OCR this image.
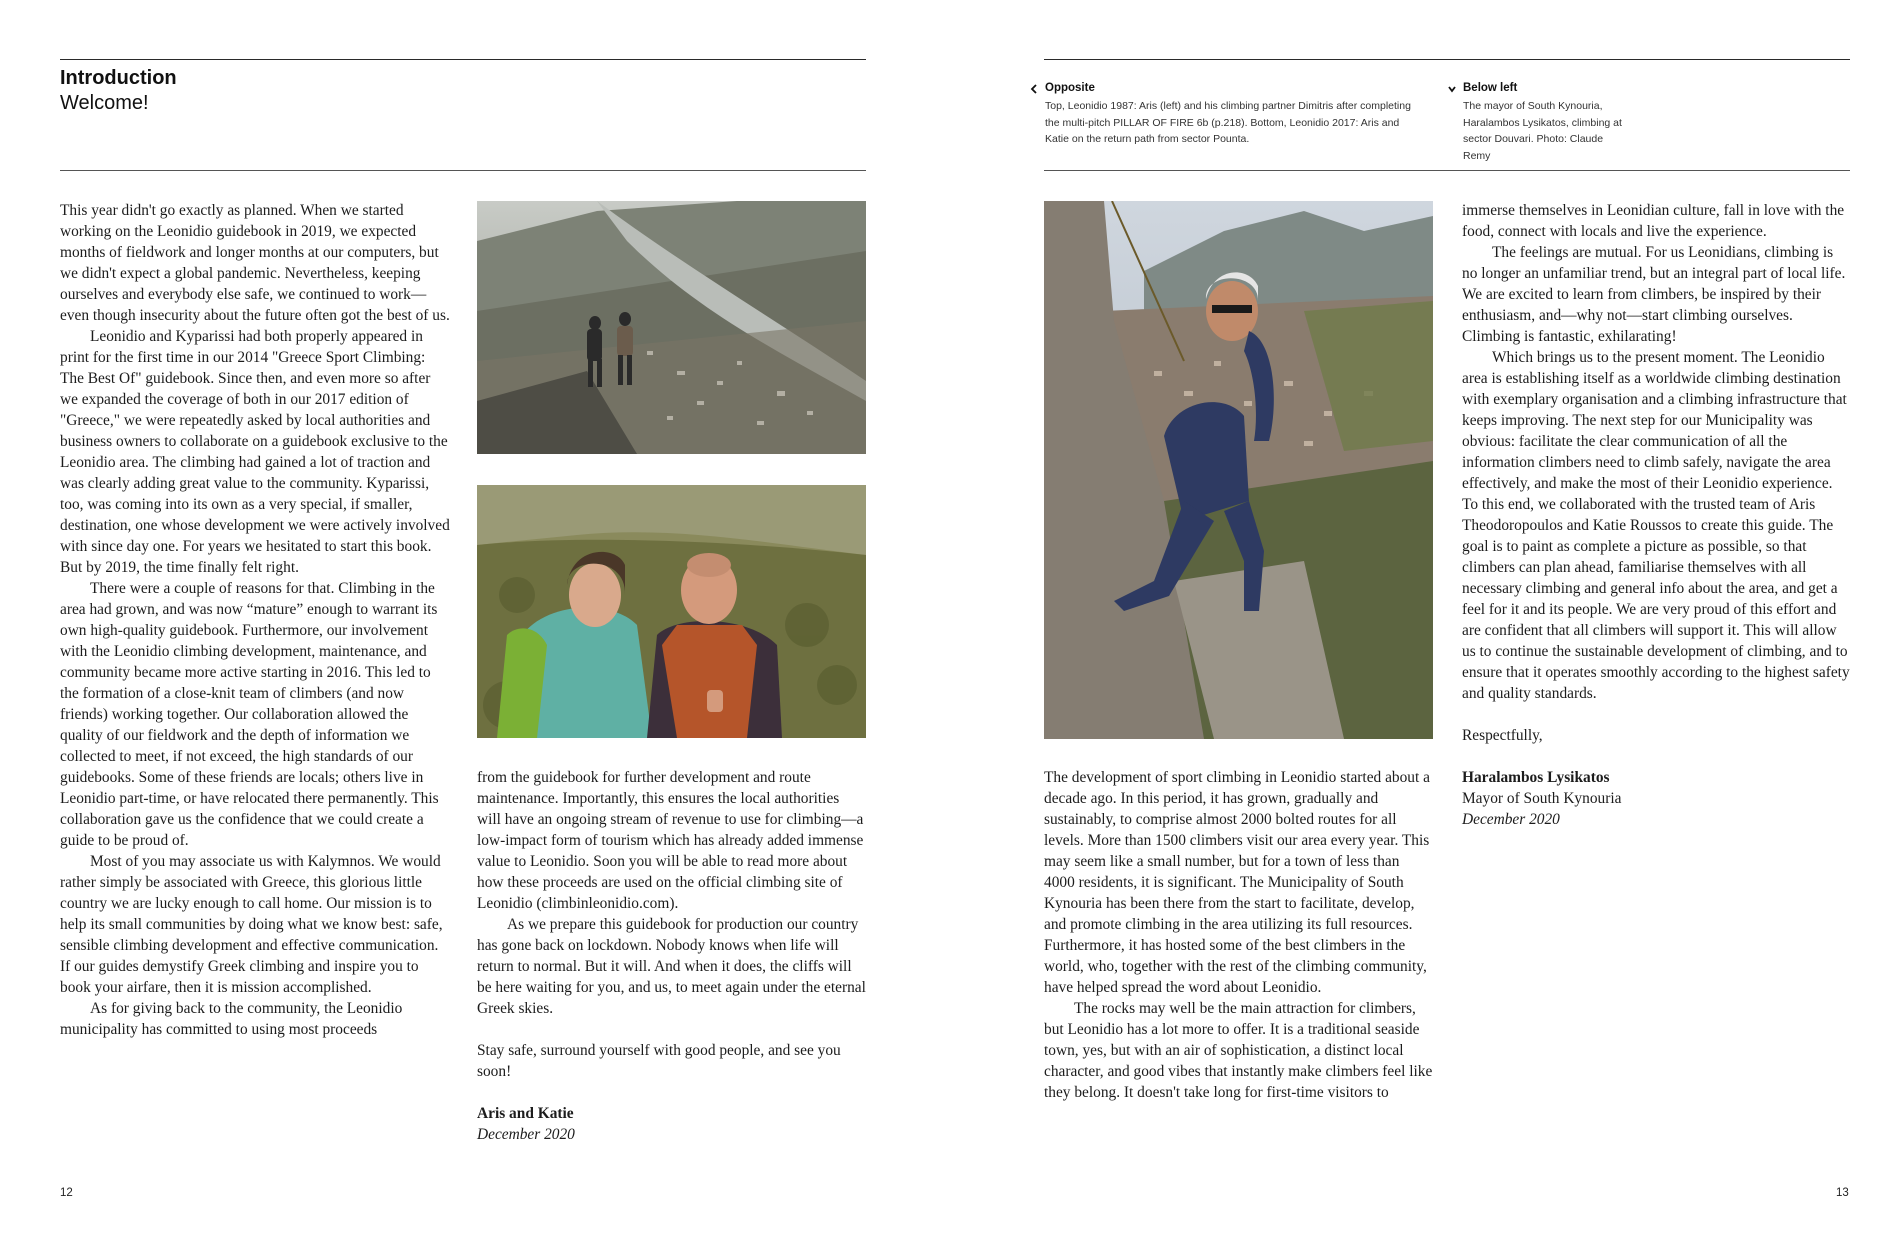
Introduction
Welcome!
Opposite
Top, Leonidio 1987: Aris (left) and his climbing partner Dimitris after completing the multi-pitch PILLAR OF FIRE 6b (p.218). Bottom, Leonidio 2017: Aris and Katie on the return path from sector Pounta.
Below left
The mayor of South Kynouria, Haralambos Lysikatos, climbing at sector Douvari. Photo: Claude Remy

This year didn't go exactly as planned. When we started working on the Leonidio guidebook in 2019, we expected months of fieldwork and longer months at our computers, but we didn't expect a global pandemic. Nevertheless, keeping ourselves and everybody else safe, we continued to work—even though insecurity about the future often got the best of us.

Leonidio and Kyparissi had both properly appeared in print for the first time in our 2014 "Greece Sport Climbing: The Best Of" guidebook. Since then, and even more so after we expanded the coverage of both in our 2017 edition of "Greece," we were repeatedly asked by local authorities and business owners to collaborate on a guidebook exclusive to the Leonidio area. The climbing had gained a lot of traction and was clearly adding great value to the community. Kyparissi, too, was coming into its own as a very special, if smaller, destination, one whose development we were actively involved with since day one. For years we hesitated to start this book. But by 2019, the time finally felt right.

There were a couple of reasons for that. Climbing in the area had grown, and was now “mature” enough to warrant its own high-quality guidebook. Furthermore, our involvement with the Leonidio climbing development, maintenance, and community became more active starting in 2016. This led to the formation of a close-knit team of climbers (and now friends) working together. Our collaboration allowed the quality of our fieldwork and the depth of information we collected to meet, if not exceed, the high standards of our guidebooks. Some of these friends are locals; others live in Leonidio part-time, or have relocated there permanently. This collaboration gave us the confidence that we could create a guide to be proud of.

Most of you may associate us with Kalymnos. We would rather simply be associated with Greece, this glorious little country we are lucky enough to call home. Our mission is to help its small communities by doing what we know best: safe, sensible climbing development and effective communication. If our guides demystify Greek climbing and inspire you to book your airfare, then it is mission accomplished.

As for giving back to the community, the Leonidio municipality has committed to using most proceeds

from the guidebook for further development and route maintenance. Importantly, this ensures the local authorities will have an ongoing stream of revenue to use for climbing—a low-impact form of tourism which has already added immense value to Leonidio. Soon you will be able to read more about how these proceeds are used on the official climbing site of Leonidio (climbinleonidio.com).

As we prepare this guidebook for production our country has gone back on lockdown. Nobody knows when life will return to normal. But it will. And when it does, the cliffs will be here waiting for you, and us, to meet again under the eternal Greek skies.

Stay safe, surround yourself with good people, and see you soon!

Aris and Katie

December 2020

The development of sport climbing in Leonidio started about a decade ago. In this period, it has grown, gradually and sustainably, to comprise almost 2000 bolted routes for all levels. More than 1500 climbers visit our area every year. This may seem like a small number, but for a town of less than 4000 residents, it is significant. The Municipality of South Kynouria has been there from the start to facilitate, develop, and promote climbing in the area utilizing its full resources. Furthermore, it has hosted some of the best climbers in the world, who, together with the rest of the climbing community, have helped spread the word about Leonidio.

The rocks may well be the main attraction for climbers, but Leonidio has a lot more to offer. It is a traditional seaside town, yes, but with an air of sophistication, a distinct local character, and good vibes that instantly make climbers feel like they belong. It doesn't take long for first-time visitors to

immerse themselves in Leonidian culture, fall in love with the food, connect with locals and live the experience.

The feelings are mutual. For us Leonidians, climbing is no longer an unfamiliar trend, but an integral part of local life. We are excited to learn from climbers, be inspired by their enthusiasm, and—why not—start climbing ourselves. Climbing is fantastic, exhilarating!

Which brings us to the present moment. The Leonidio area is establishing itself as a worldwide climbing destination with exemplary organisation and a climbing infrastructure that keeps improving. The next step for our Municipality was obvious: facilitate the clear communication of all the information climbers need to climb safely, navigate the area effectively, and make the most of their Leonidio experience. To this end, we collaborated with the trusted team of Aris Theodoropoulos and Katie Roussos to create this guide. The goal is to paint as complete a picture as possible, so that climbers can plan ahead, familiarise themselves with all necessary climbing and general info about the area, and get a feel for it and its people. We are very proud of this effort and are confident that all climbers will support it. This will allow us to continue the sustainable development of climbing, and to ensure that it operates smoothly according to the highest safety and quality standards.

Respectfully,

Haralambos Lysikatos

Mayor of South Kynouria

December 2020

12	13
